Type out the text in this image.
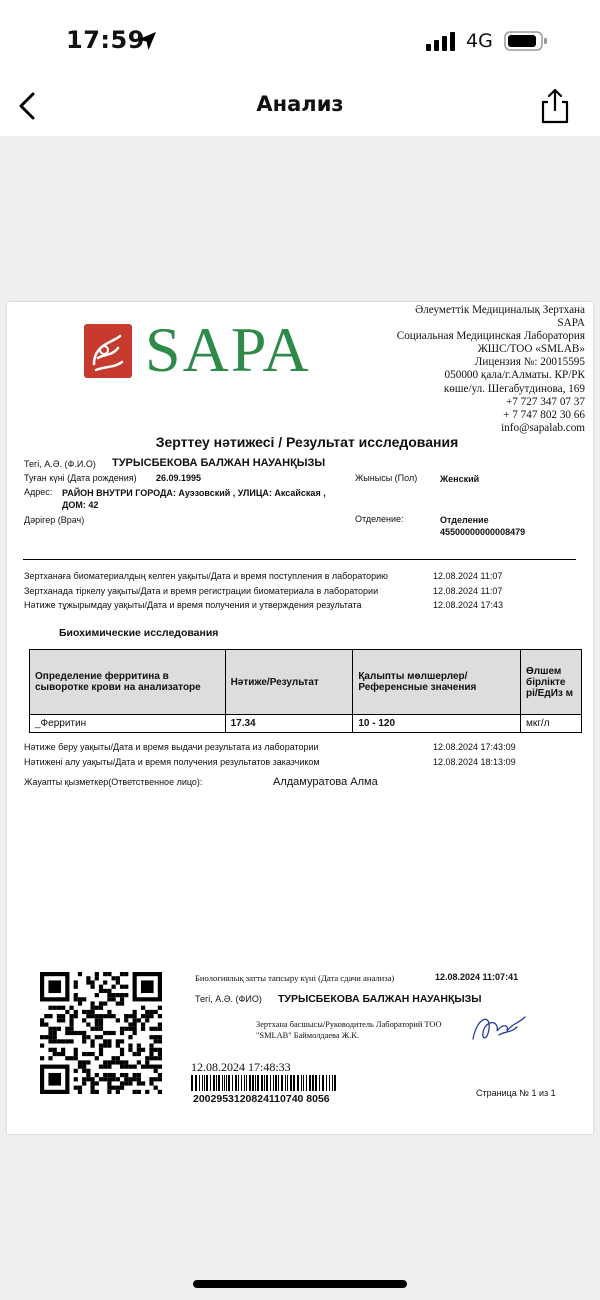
17:59	4G
Анализ
SAPA
Әлеуметтік Медициналық Зертхана
SAPA
Социальная Медицинская Лаборатория
ЖШС/ТОО «SMLAB»
Лицензия №: 20015595
050000 қала/г.Алматы. КР/РК
көше/ул. Шегабутдинова, 169
+7 727 347 07 37
+ 7 747 802 30 66
info@sapalab.com
Зерттеу нәтижесі / Результат исследования
Тегі, А.Ә. (Ф.И.О) ТУРЫСБЕКОВА БАЛЖАН НАУАНҚЫЗЫ
Туған күні (Дата рождения) 26.09.1995	Жынысы (Пол)	Женский
Адрес: РАЙОН ВНУТРИ ГОРОДА: Ауэзовский , УЛИЦА: Аксайская ,
ДОМ: 42
Дәрігер (Врач)	Отделение:	Отделение
45500000000008479
Зертханаға биоматериалдың келген уақыты/Дата и время поступления в лабораторию	12.08.2024 11:07
Зертханада тіркелу уақыты/Дата и время регистрации биоматериала в лаборатории	12.08.2024 11:07
Нәтиже тұжырымдау уақыты/Дата и время получения и утверждения результата	12.08.2024 17:43
Биохимические исследования
Определение ферритина в сыворотке крови на анализаторе	Нәтиже/Результат	Қалыпты мөлшерлер/Референсные значения	Өлшем бірлікте рі/ЕдИз м
_Ферритин	17.34	10 - 120	мкг/л
Нәтиже беру уақыты/Дата и время выдачи результата из лаборатории	12.08.2024 17:43:09
Нәтижені алу уақыты/Дата и время получения результатов заказчиком	12.08.2024 18:13:09
Жауапты қызметкер(Ответственное лицо):	Алдамуратова Алма
Биологиялық затты тапсыру күні (Дата сдачи анализа)	12.08.2024 11:07:41
Тегі, А.Ә. (ФИО) ТУРЫСБЕКОВА БАЛЖАН НАУАНҚЫЗЫ
Зертхана басшысы/Руководитель Лабораторий ТОО
"SMLAB" Баймолдаева Ж.К.
12.08.2024 17:48:33
2002953120824110740 8056	Страница № 1 из 1
